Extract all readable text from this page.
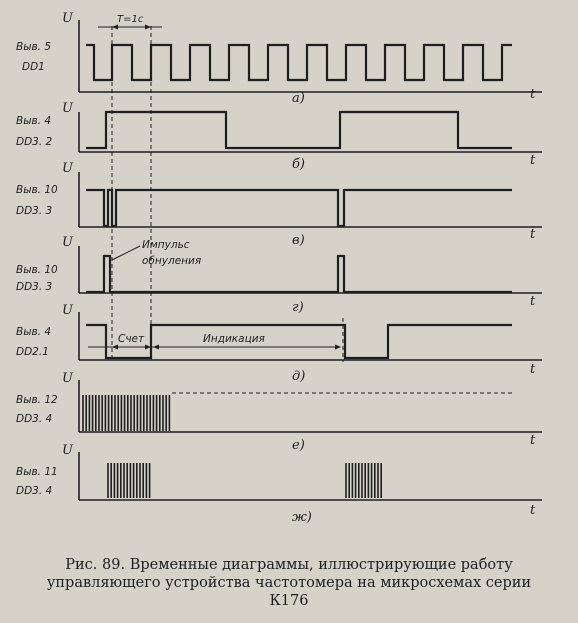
U
U
U
U
U
U
U
t
t
t
t
t
t
t
Выв. 5
DD1
Выв. 4
DD3. 2
Выв. 10
DD3. 3
Выв. 10
DD3. 3
Выв. 4
DD2.1
Выв. 12
DD3. 4
Выв. 11
DD3. 4
а)
б)
в)
г)
д)
е)
ж)
T=1c
Импульс
обнуления
Счет	Индикация
Рис. 89. Временные диаграммы, иллюстрирующие работу
управляющего устройства частотомера на микросхемах серии
К176
